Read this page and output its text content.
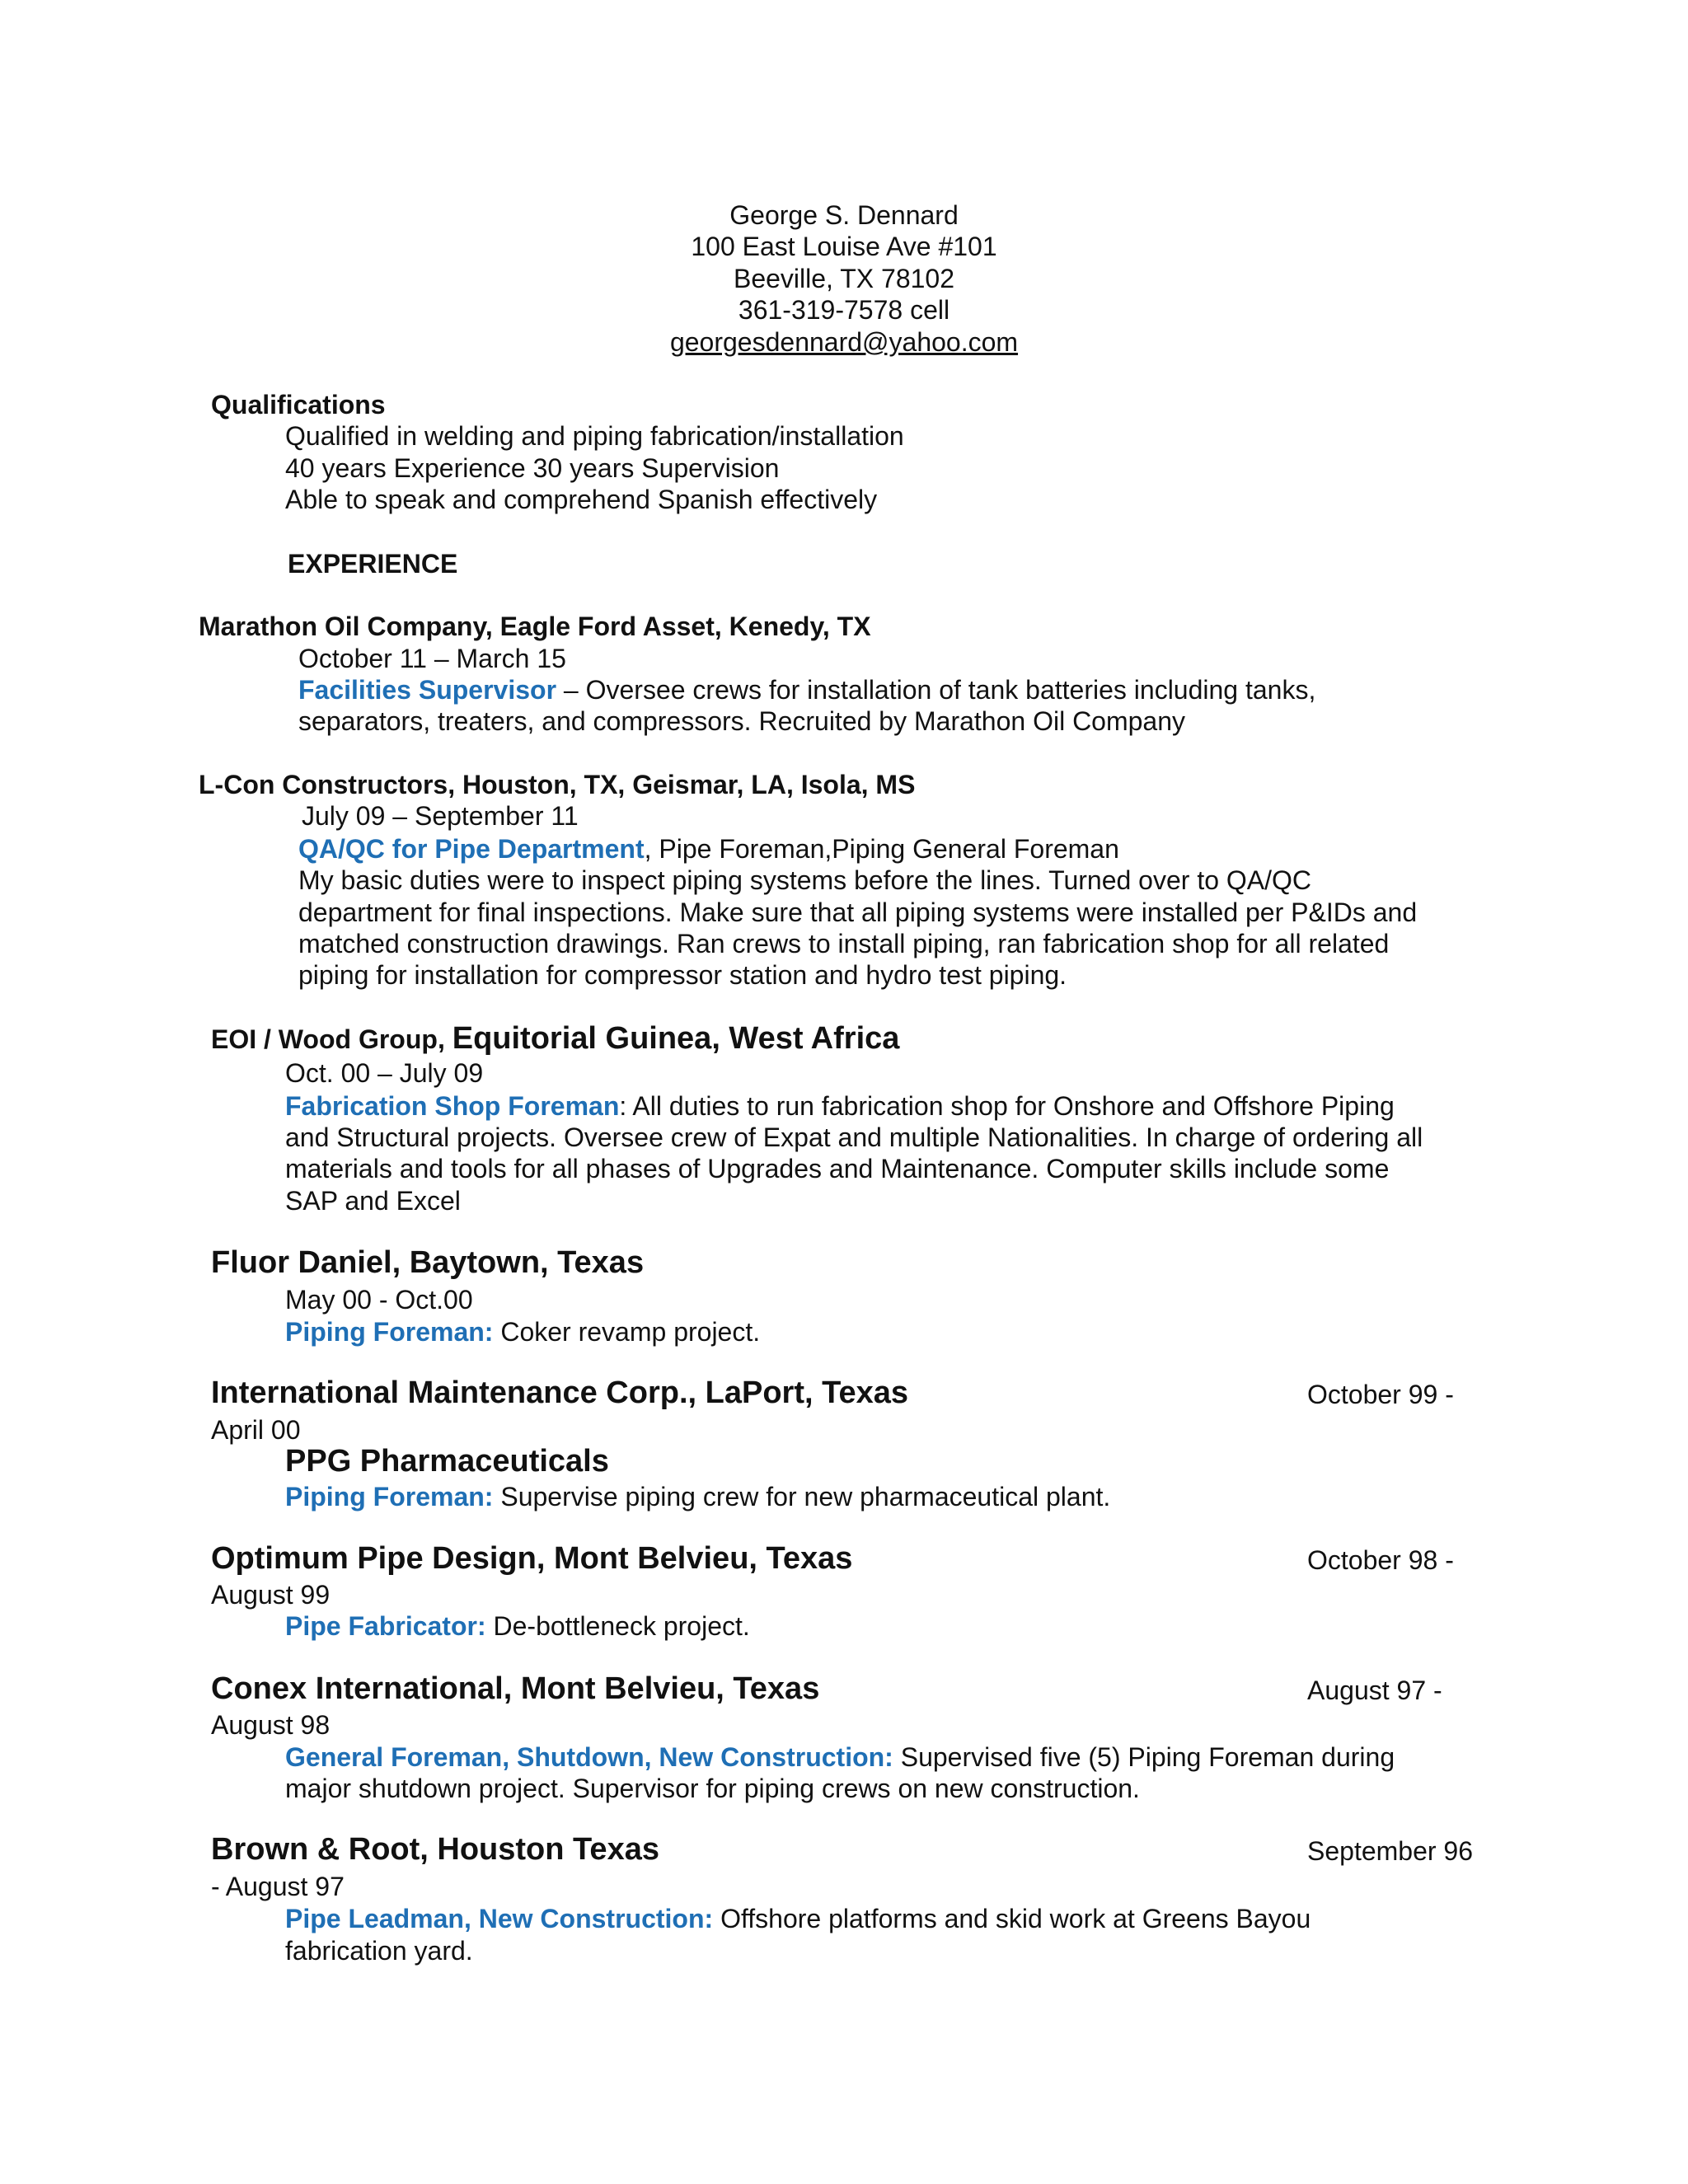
George S. Dennard
100 East Louise Ave #101
Beeville, TX 78102
361-319-7578 cell
georgesdennard@yahoo.com
Qualifications
Qualified in welding and piping fabrication/installation
40 years Experience 30 years Supervision
Able to speak and comprehend Spanish effectively
EXPERIENCE
Marathon Oil Company, Eagle Ford Asset, Kenedy, TX
October 11 – March 15
Facilities Supervisor – Oversee crews for installation of tank batteries including tanks,
separators, treaters, and compressors. Recruited by Marathon Oil Company
L-Con Constructors, Houston, TX, Geismar, LA, Isola, MS
July 09 – September 11
QA/QC for Pipe Department, Pipe Foreman,Piping General Foreman
My basic duties were to inspect piping systems before the lines. Turned over to QA/QC
department for final inspections. Make sure that all piping systems were installed per P&IDs and
matched construction drawings. Ran crews to install piping, ran fabrication shop for all related
piping for installation for compressor station and hydro test piping.
EOI / Wood Group, Equitorial Guinea, West Africa
Oct. 00 – July 09
Fabrication Shop Foreman: All duties to run fabrication shop for Onshore and Offshore Piping
and Structural projects. Oversee crew of Expat and multiple Nationalities. In charge of ordering all
materials and tools for all phases of Upgrades and Maintenance. Computer skills include some
SAP and Excel
Fluor Daniel, Baytown, Texas
May 00 - Oct.00
Piping Foreman: Coker revamp project.
International Maintenance Corp., LaPort, Texas	October 99 -
April 00
PPG Pharmaceuticals
Piping Foreman: Supervise piping crew for new pharmaceutical plant.
Optimum Pipe Design, Mont Belvieu, Texas	October 98 -
August 99
Pipe Fabricator: De-bottleneck project.
Conex International, Mont Belvieu, Texas	August 97 -
August 98
General Foreman, Shutdown, New Construction: Supervised five (5) Piping Foreman during
major shutdown project. Supervisor for piping crews on new construction.
Brown & Root, Houston Texas	September 96
- August 97
Pipe Leadman, New Construction: Offshore platforms and skid work at Greens Bayou
fabrication yard.
